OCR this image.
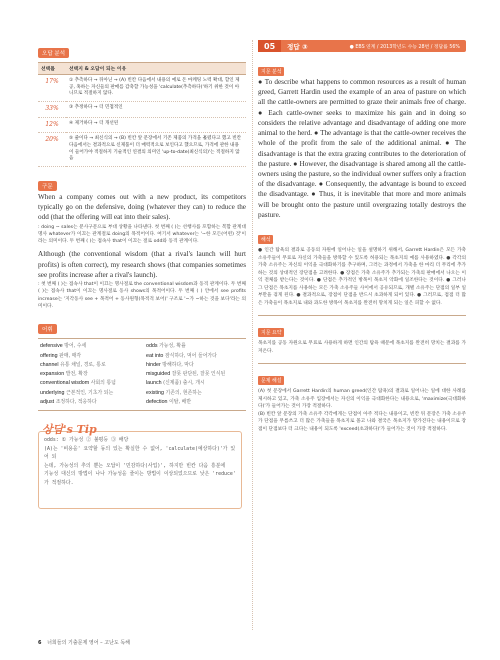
오답 분석
선택률	선택지 & 오답이 되는 이유
17%	① 추측하다 → 뒤아닌 → (A) 빈칸 다음에서 내용의 예로 돈 마케팅 노력 확대, 할인 제공, 혹하는 자신들의 판매를 감축할 가능성을 'calculate(추측하다)'하기 위한 것이 아니므로 적절하지 않다.
33%	③ 추정하다 → 더 민첩적인
12%	④ 제거하다 → 더 개선된
20%	⑤ 줄이다 → 최신식의 → (B) 빈칸 앞 문장에서 기존 제품의 가격을 훌렸다고 했고 빈칸 다음에서는 결과적으로 신제품이 더 매력적으로 보인다고 했으므로, 가격에 관한 내용이 들어가야 적절하지 기술적인 연결의 의미인 'up-to-date(최신식의)'는 적절하지 않음
구문

When a company comes out with a new product, its competitors typically go on the defensive, doing (whatever they can) to reduce the odd (that the offering will eat into their sales).

: doing ~ sales는 분사구문으로 부대 상황을 나타낸다. 첫 번째 ( )는 선행사를 포함하는 복합 관계대명사 whatever가 이끄는 관계절로 doing의 목적어이다. 여기서 whatever는 '~한 모든(어떤) 것'이라는 의미이다. 두 번째 ( )는 접속사 that이 이끄는 절로 odd와 동격 관계이다.

Although (the conventional wisdom (that a rival's launch will hurt profits) is often correct), my research shows (that companies sometimes see profits increase after a rival's launch).

: 첫 번째 ( )는 접속사 that이 이끄는 명사절로 the conventional wisdom과 동격 관계이다. 두 번째 ( )는 접속사 that이 이끄는 명사절로 동사 shows의 목적어이다. 두 번째 ( ) 안에서 see profits increase는 '지각동사 see + 목적어 + 동사원형(목적격 보어)' 구조로 '~가 ~하는 것을 보다'라는 의미이다.

어휘
defensive 방어, 수세	odds 가능성, 확률
offering 판매, 매각	eat into 잠식하다, 먹어 들어가다
channel 유통 채널, 경로, 통로	hinder 방해하다, 막다
expansion 발전, 확장	misguided 잘못 판단된, 잘못 인식된
conventional wisdom 사회의 통념	launch (신제품) 출시, 개시
underlying 근본적인, 기초가 되는	existing 기존의, 현존하는
adjust 조정하다, 적응하다	defection 이탈, 배반
odds: ① 가능성 ② 불평등 ③ 배당
(A)는 '비용을' 요약할 동의 있는 확실한 수 없어, 'calculate(예상하다)'가 있어 되
는데, 가능성의 추의 뿐는 오답이 '민감하다(사업)', 하지만 빈칸 다음 흥분에
기능성 대신의 방법이 나나 가능성을 줄이는 방법이 이상되었으므로 낮은 'reduce'
가 적절하다.
상담's Tip
05	정답 ③	● EBS 연계 / 2013학년도 수능 28번 / 정답률 56%
지문 분석

● To describe what happens to common resources as a result of human greed, Garrett Hardin used the example of an area of pasture on which all the cattle-owners are permitted to graze their animals free of charge. ● Each cattle-owner seeks to maximize his gain and in doing so considers the relative advantage and disadvantage of adding one more animal to the herd. ● The advantage is that the cattle-owner receives the whole of the profit from the sale of the additional animal. ● The disadvantage is that the extra grazing contributes to the deterioration of the pasture. ● However, the disadvantage is shared among all the cattle-owners using the pasture, so the individual owner suffers only a fraction of the disadvantage. ● Consequently, the advantage is bound to exceed the disadvantage. ● Thus, it is inevitable that more and more animals will be brought onto the pasture until overgrazing totally destroys the pasture.

해석

● 인간 탐욕의 결과로 공동의 자원에 일어나는 일을 설명하기 위해서, Garrett Hardin은 모든 가축 소유주들이 무료로 자신의 가축들을 방목할 수 있도록 허용되는 목초지의 예를 사용하였다. ● 각각의 가축 소유주는 자신의 이익을 극대화하기를 추구하며, 그러는 과정에서 가축을 한 마리 더 무리에 추가하는 것의 상대적인 장단점을 고려한다. ● 장점은 가축 소유주가 추가되는 가축의 판매에서 나오는 이익 전체를 받는다는 것이다. ● 단점은 추가적인 방목이 목초지 악화에 일조한다는 것이다. ● 그러나 그 단점은 목초지를 사용하는 모든 가축 소유주들 사이에서 공유되므로, 개별 소유주는 단점의 일부 일부만을 겪게 된다. ● 결과적으로, 장점이 단점을 반드시 초과하게 되어 있다. ● 그러므로, 점점 더 많은 가축들이 목초지로 내와 과도한 방목이 목초지를 완전히 망치게 되는 일은 피할 수 없다.

지문 요약

목초지를 공동 자원으로 무료로 사용하게 하면 인간의 탐욕 때문에 목초지를 완전히 망치는 결과를 가져온다.

문제 해설

(A) 첫 문장에서 Garrett Hardin의 human greed(인간 탐욕)의 결과로 일어나는 일에 대한 사례를 제시하고 있고, 가축 소유주 입장에서는 자신의 이익을 극대화한다는 내용으로, 'maximize(극대화하다)'가 들어가는 것이 가장 적절하다.
(B) 빈칸 앞 문장의 가축 소유주 각각에게는 단점이 아주 적다는 내용이고, 빈칸 뒤 문장은 가축 소유주가 단점을 무릅쓰고 더 많은 가축들을 목초지로 몰고 나와 결국은 목초지가 망가진다는 내용이므로 장점이 단점보다 더 크다는 내용이 되도록 'exceed(초과하다)'가 들어가는 것이 가장 적절하다.

6 너희들의 기출문제 영어 – 고난도 독해
